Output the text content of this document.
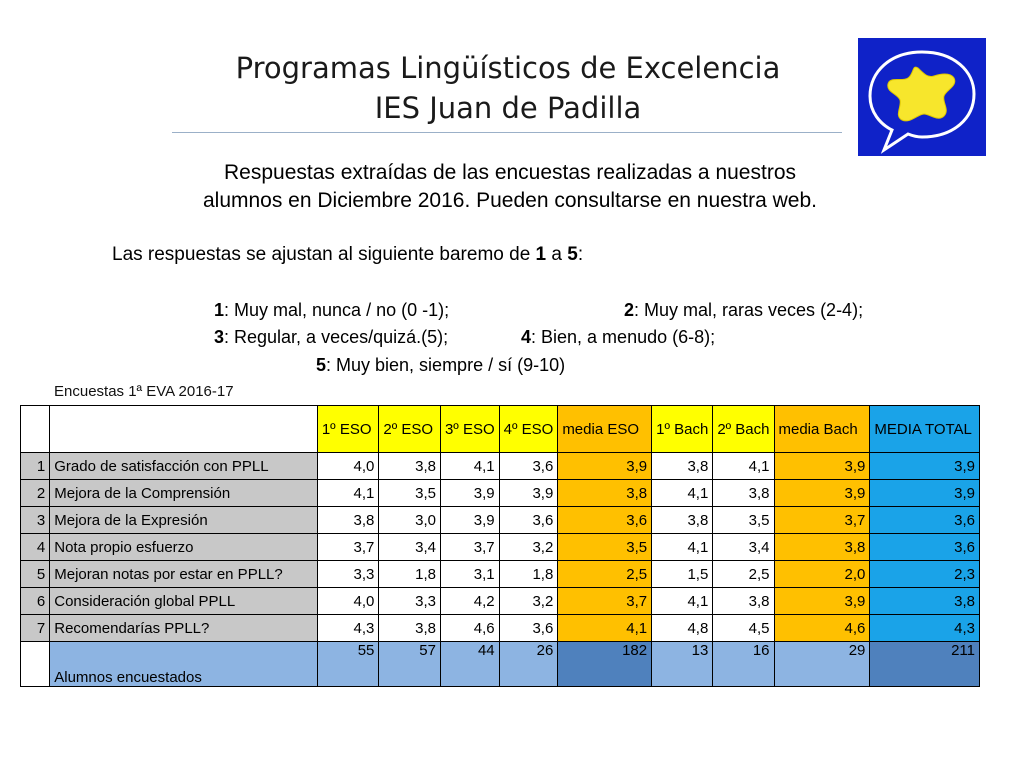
Programas Lingüísticos de Excelencia
IES Juan de Padilla
Respuestas extraídas de las encuestas realizadas a nuestros
alumnos en Diciembre 2016. Pueden consultarse en nuestra web.
Las respuestas se ajustan al siguiente baremo de 1 a 5:
1: Muy mal, nunca / no (0 -1);	2: Muy mal, raras veces (2-4);
3: Regular, a veces/quizá.(5);	4: Bien, a menudo (6-8);
5: Muy bien, siempre / sí (9-10)
Encuestas 1ª EVA 2016-17
		1º ESO	2º ESO	3º ESO	4º ESO	media ESO	1º Bach	2º Bach	media Bach	MEDIA TOTAL
1	Grado de satisfacción con PPLL	4,0	3,8	4,1	3,6	3,9	3,8	4,1	3,9	3,9
2	Mejora de la Comprensión	4,1	3,5	3,9	3,9	3,8	4,1	3,8	3,9	3,9
3	Mejora de la Expresión	3,8	3,0	3,9	3,6	3,6	3,8	3,5	3,7	3,6
4	Nota propio esfuerzo	3,7	3,4	3,7	3,2	3,5	4,1	3,4	3,8	3,6
5	Mejoran notas por estar en PPLL?	3,3	1,8	3,1	1,8	2,5	1,5	2,5	2,0	2,3
6	Consideración global PPLL	4,0	3,3	4,2	3,2	3,7	4,1	3,8	3,9	3,8
7	Recomendarías PPLL?	4,3	3,8	4,6	3,6	4,1	4,8	4,5	4,6	4,3
	Alumnos encuestados	55	57	44	26	182	13	16	29	211
